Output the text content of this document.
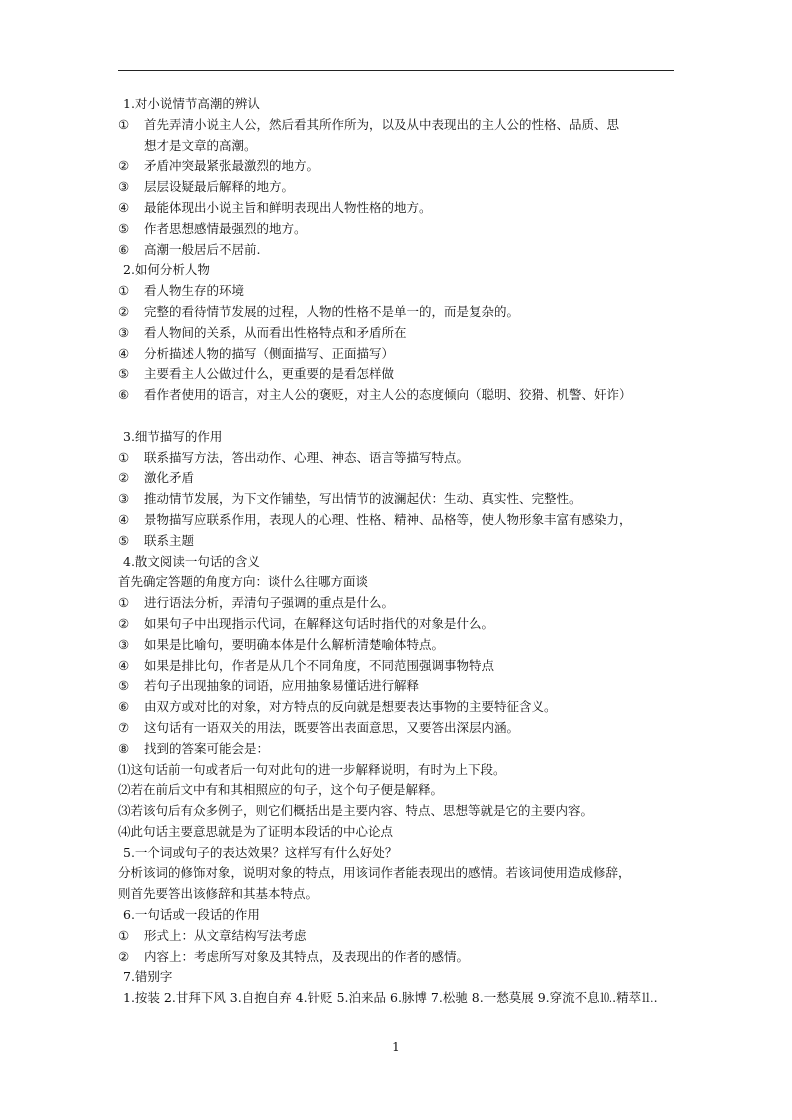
1.对小说情节高潮的辨认
①	首先弄清小说主人公，然后看其所作所为，以及从中表现出的主人公的性格、品质、思
想才是文章的高潮。
②	矛盾冲突最紧张最激烈的地方。
③	层层设疑最后解释的地方。
④	最能体现出小说主旨和鲜明表现出人物性格的地方。
⑤	作者思想感情最强烈的地方。
⑥	高潮一般居后不居前.
2.如何分析人物
①	看人物生存的环境
②	完整的看待情节发展的过程，人物的性格不是单一的，而是复杂的。
③	看人物间的关系，从而看出性格特点和矛盾所在
④	分析描述人物的描写（侧面描写、正面描写）
⑤	主要看主人公做过什么，更重要的是看怎样做
⑥	看作者使用的语言，对主人公的褒贬，对主人公的态度倾向（聪明、狡猾、机警、奸诈）
3.细节描写的作用
①	联系描写方法，答出动作、心理、神态、语言等描写特点。
②	激化矛盾
③	推动情节发展，为下文作铺垫，写出情节的波澜起伏：生动、真实性、完整性。
④	景物描写应联系作用，表现人的心理、性格、精神、品格等，使人物形象丰富有感染力，
⑤	联系主题
4.散文阅读一句话的含义
首先确定答题的角度方向：谈什么往哪方面谈
①	进行语法分析，弄清句子强调的重点是什么。
②	如果句子中出现指示代词，在解释这句话时指代的对象是什么。
③	如果是比喻句，要明确本体是什么解析清楚喻体特点。
④	如果是排比句，作者是从几个不同角度，不同范围强调事物特点
⑤	若句子出现抽象的词语，应用抽象易懂话进行解释
⑥	由双方或对比的对象，对方特点的反向就是想要表达事物的主要特征含义。
⑦	这句话有一语双关的用法，既要答出表面意思，又要答出深层内涵。
⑧	找到的答案可能会是：
⑴这句话前一句或者后一句对此句的进一步解释说明，有时为上下段。
⑵若在前后文中有和其相照应的句子，这个句子便是解释。
⑶若该句后有众多例子，则它们概括出是主要内容、特点、思想等就是它的主要内容。
⑷此句话主要意思就是为了证明本段话的中心论点
5.一个词或句子的表达效果？这样写有什么好处？
分析该词的修饰对象，说明对象的特点，用该词作者能表现出的感情。若该词使用造成修辞，
则首先要答出该修辞和其基本特点。
6.一句话或一段话的作用
①	形式上：从文章结构写法考虑
②	内容上：考虑所写对象及其特点，及表现出的作者的感情。
7.错别字
1.按装 2.甘拜下风 3.自抱自弃 4.针贬 5.泊来品 6.脉博 7.松驰 8.一愁莫展 9.穿流不息⒑.精萃⒒.
1
